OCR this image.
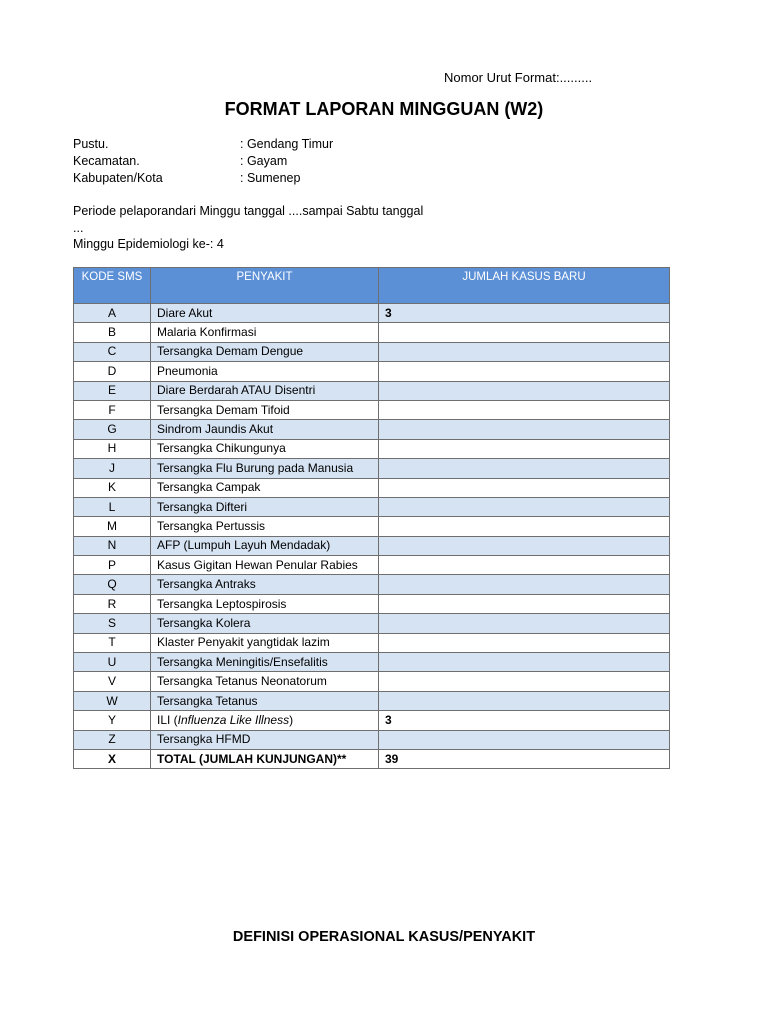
Nomor Urut Format:.........
FORMAT LAPORAN MINGGUAN (W2)
Pustu.	: Gendang Timur
Kecamatan.	: Gayam
Kabupaten/Kota	: Sumenep
Periode pelaporandari Minggu tanggal ....sampai Sabtu tanggal
...
Minggu Epidemiologi ke-: 4
KODE SMS	PENYAKIT	JUMLAH KASUS BARU
A	Diare Akut	3
B	Malaria Konfirmasi	
C	Tersangka Demam Dengue	
D	Pneumonia	
E	Diare Berdarah ATAU Disentri	
F	Tersangka Demam Tifoid	
G	Sindrom Jaundis Akut	
H	Tersangka Chikungunya	
J	Tersangka Flu Burung pada Manusia	
K	Tersangka Campak	
L	Tersangka Difteri	
M	Tersangka Pertussis	
N	AFP (Lumpuh Layuh Mendadak)	
P	Kasus Gigitan Hewan Penular Rabies	
Q	Tersangka Antraks	
R	Tersangka Leptospirosis	
S	Tersangka Kolera	
T	Klaster Penyakit yangtidak lazim	
U	Tersangka Meningitis/Ensefalitis	
V	Tersangka Tetanus Neonatorum	
W	Tersangka Tetanus	
Y	ILI (Influenza Like Illness)	3
Z	Tersangka HFMD	
X	TOTAL (JUMLAH KUNJUNGAN)**	39
DEFINISI OPERASIONAL KASUS/PENYAKIT
